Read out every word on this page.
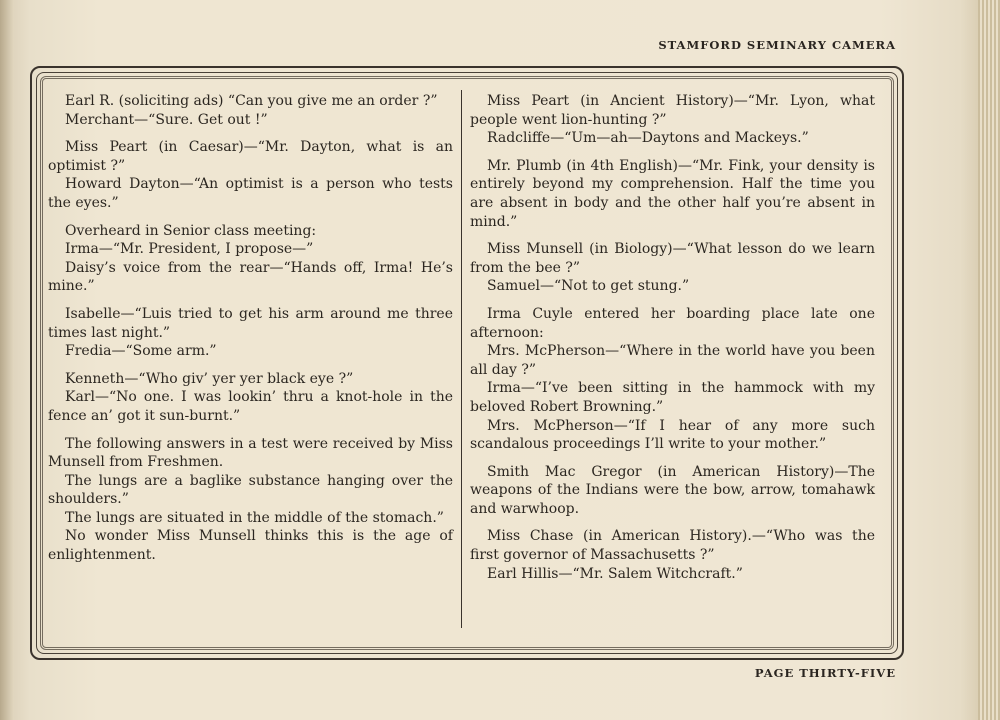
STAMFORD SEMINARY CAMERA

Earl R. (soliciting ads) “Can you give me an order ?”

Merchant—“Sure. Get out !”

Miss Peart (in Caesar)—“Mr. Dayton, what is an optimist ?”

Howard Dayton—“An optimist is a person who tests the eyes.”

Overheard in Senior class meeting:

Irma—“Mr. President, I propose—”

Daisy’s voice from the rear—“Hands off, Irma! He’s mine.”

Isabelle—“Luis tried to get his arm around me three times last night.”

Fredia—“Some arm.”

Kenneth—“Who giv’ yer yer black eye ?”

Karl—“No one. I was lookin’ thru a knot-hole in the fence an’ got it sun-burnt.”

The following answers in a test were received by Miss Munsell from Freshmen.

The lungs are a baglike substance hanging over the shoulders.”

The lungs are situated in the middle of the stomach.”

No wonder Miss Munsell thinks this is the age of enlightenment.

Miss Peart (in Ancient History)—“Mr. Lyon, what people went lion-hunting ?”

Radcliffe—“Um—ah—Daytons and Mackeys.”

Mr. Plumb (in 4th English)—“Mr. Fink, your density is entirely beyond my comprehension. Half the time you are absent in body and the other half you’re absent in mind.”

Miss Munsell (in Biology)—“What lesson do we learn from the bee ?”

Samuel—“Not to get stung.”

Irma Cuyle entered her boarding place late one afternoon:

Mrs. McPherson—“Where in the world have you been all day ?”

Irma—“I’ve been sitting in the hammock with my beloved Robert Browning.”

Mrs. McPherson—“If I hear of any more such scandalous proceedings I’ll write to your mother.”

Smith Mac Gregor (in American History)—The weapons of the Indians were the bow, arrow, tomahawk and warwhoop.

Miss Chase (in American History).—“Who was the first governor of Massachusetts ?”

Earl Hillis—“Mr. Salem Witchcraft.”

PAGE THIRTY-FIVE
